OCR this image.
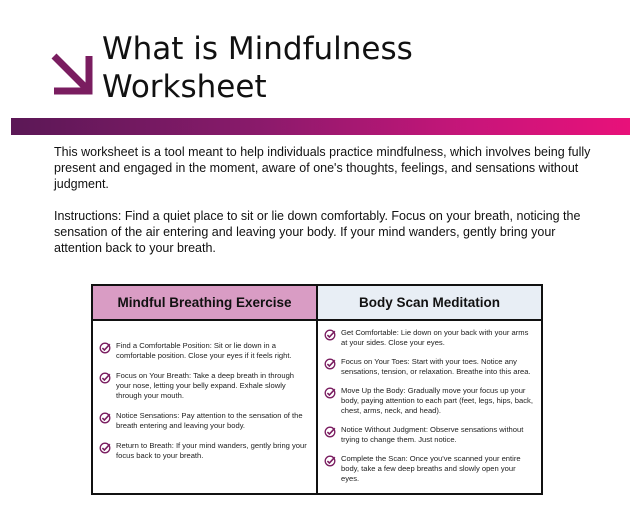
What is Mindfulness
Worksheet

This worksheet is a tool meant to help individuals practice mindfulness, which involves being fully present and engaged in the moment, aware of one's thoughts, feelings, and sensations without judgment.

Instructions: Find a quiet place to sit or lie down comfortably. Focus on your breath, noticing the sensation of the air entering and leaving your body. If your mind wanders, gently bring your attention back to your breath.

Mindful Breathing Exercise	Body Scan Meditation
Find a Comfortable Position: Sit or lie down in a comfortable position. Close your eyes if it feels right.
Focus on Your Breath: Take a deep breath in through your nose, letting your belly expand. Exhale slowly through your mouth.
Notice Sensations: Pay attention to the sensation of the breath entering and leaving your body.
Return to Breath: If your mind wanders, gently bring your focus back to your breath.
Get Comfortable: Lie down on your back with your arms at your sides. Close your eyes.
Focus on Your Toes: Start with your toes. Notice any sensations, tension, or relaxation. Breathe into this area.
Move Up the Body: Gradually move your focus up your body, paying attention to each part (feet, legs, hips, back, chest, arms, neck, and head).
Notice Without Judgment: Observe sensations without trying to change them. Just notice.
Complete the Scan: Once you've scanned your entire body, take a few deep breaths and slowly open your eyes.
